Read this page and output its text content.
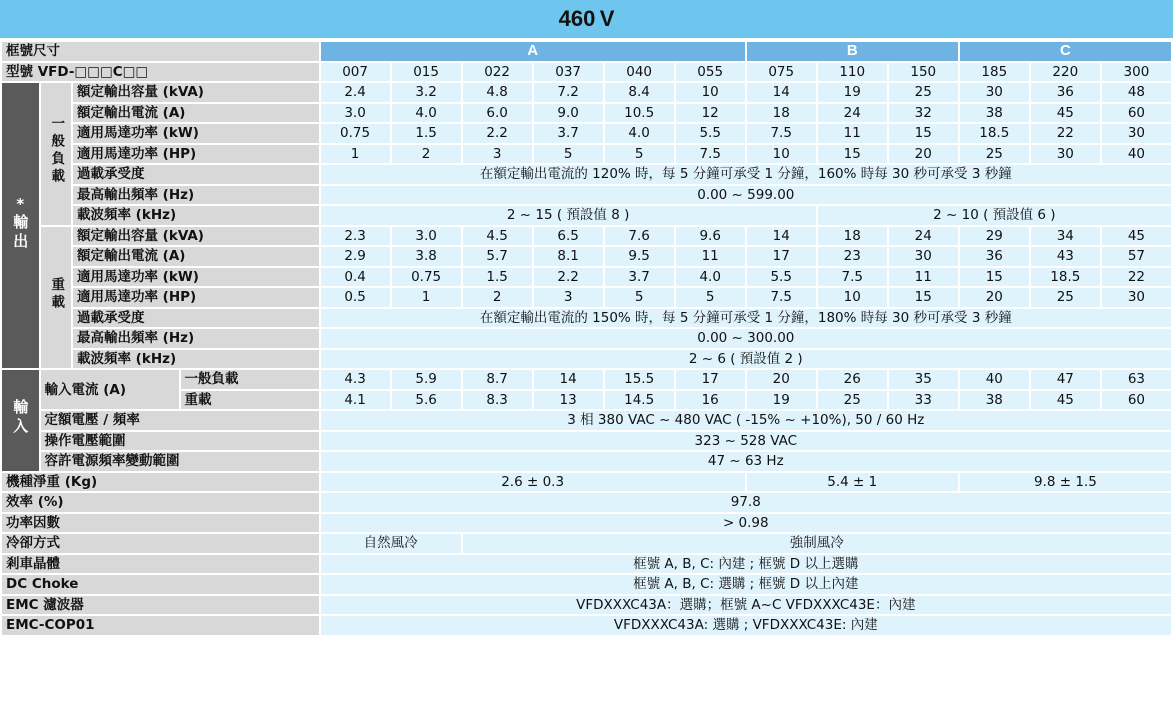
460 V
框號尺寸				A						B			C		
型號 VFD-□□□C□□				007	015	022	037	040	055	075	110	150	185	220	300
*
輸出	一般負載	額定輸出容量 (kVA)		2.4	3.2	4.8	7.2	8.4	10	14	19	25	30	36	48
		額定輸出電流 (A)		3.0	4.0	6.0	9.0	10.5	12	18	24	32	38	45	60
		適用馬達功率 (kW)		0.75	1.5	2.2	3.7	4.0	5.5	7.5	11	15	18.5	22	30
		適用馬達功率 (HP)		1	2	3	5	5	7.5	10	15	20	25	30	40
		過載承受度		在額定輸出電流的 120% 時，每 5 分鐘可承受 1 分鐘，160% 時每 30 秒可承受 3 秒鐘											
		最高輸出頻率 (Hz)		0.00 ~ 599.00											
		載波頻率 (kHz)		2 ~ 15 ( 預設值 8 )							2 ~ 10 ( 預設值 6 )				
	重載	額定輸出容量 (kVA)		2.3	3.0	4.5	6.5	7.6	9.6	14	18	24	29	34	45
		額定輸出電流 (A)		2.9	3.8	5.7	8.1	9.5	11	17	23	30	36	43	57
		適用馬達功率 (kW)		0.4	0.75	1.5	2.2	3.7	4.0	5.5	7.5	11	15	18.5	22
		適用馬達功率 (HP)		0.5	1	2	3	5	5	7.5	10	15	20	25	30
		過載承受度		在額定輸出電流的 150% 時，每 5 分鐘可承受 1 分鐘，180% 時每 30 秒可承受 3 秒鐘											
		最高輸出頻率 (Hz)		0.00 ~ 300.00											
		載波頻率 (kHz)		2 ~ 6 ( 預設值 2 )											
輸入	輸入電流 (A)		一般負載	4.3	5.9	8.7	14	15.5	17	20	26	35	40	47	63
			重載	4.1	5.6	8.3	13	14.5	16	19	25	33	38	45	60
	定額電壓 / 頻率			3 相 380 VAC ~ 480 VAC ( -15% ~ +10%), 50 / 60 Hz											
	操作電壓範圍			323 ~ 528 VAC											
	容許電源頻率變動範圍			47 ~ 63 Hz											
機種淨重 (Kg)				2.6 ± 0.3						5.4 ± 1			9.8 ± 1.5		
效率 (%)				97.8											
功率因數				> 0.98											
冷卻方式				自然風冷		強制風冷									
剎車晶體				框號 A, B, C: 內建 ; 框號 D 以上選購											
DC Choke				框號 A, B, C: 選購 ; 框號 D 以上內建											
EMC 濾波器				VFDXXXC43A：選購；框號 A~C VFDXXXC43E：內建											
EMC-COP01				VFDXXXC43A: 選購 ; VFDXXXC43E: 內建											
